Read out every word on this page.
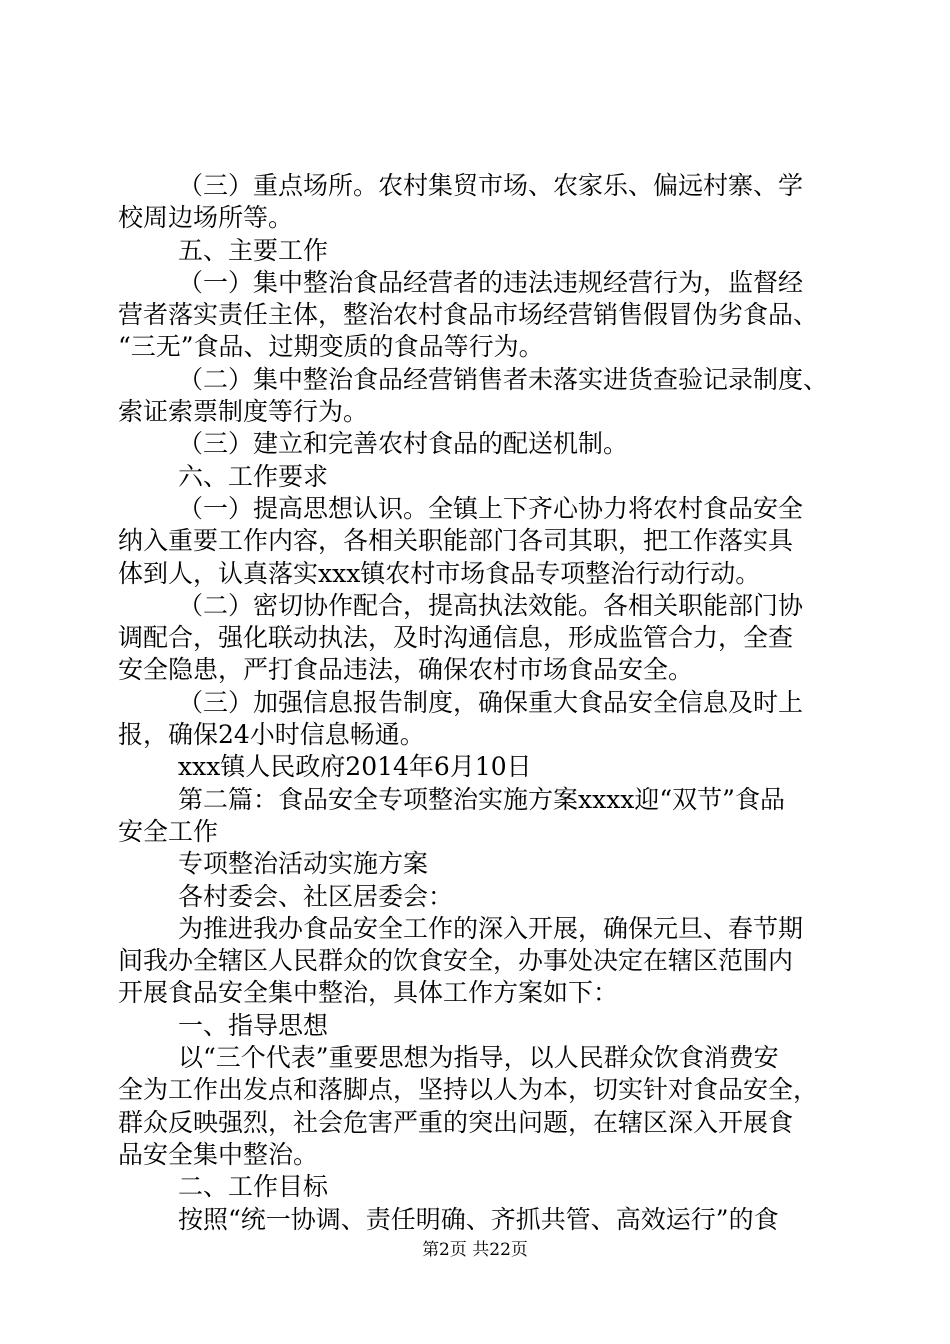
（三）重点场所。农村集贸市场、农家乐、偏远村寨、学
校周边场所等。
五、主要工作
（一）集中整治食品经营者的违法违规经营行为，监督经
营者落实责任主体，整治农村食品市场经营销售假冒伪劣食品、
“三无”食品、过期变质的食品等行为。
（二）集中整治食品经营销售者未落实进货查验记录制度、
索证索票制度等行为。
（三）建立和完善农村食品的配送机制。
六、工作要求
（一）提高思想认识。全镇上下齐心协力将农村食品安全
纳入重要工作内容，各相关职能部门各司其职，把工作落实具
体到人，认真落实xxx镇农村市场食品专项整治行动行动。
（二）密切协作配合，提高执法效能。各相关职能部门协
调配合，强化联动执法，及时沟通信息，形成监管合力，全查
安全隐患，严打食品违法，确保农村市场食品安全。
（三）加强信息报告制度，确保重大食品安全信息及时上
报，确保24小时信息畅通。
xxx镇人民政府2014年6月10日
第二篇：食品安全专项整治实施方案xxxx迎“双节”食品
安全工作
专项整治活动实施方案
各村委会、社区居委会：
为推进我办食品安全工作的深入开展，确保元旦、春节期
间我办全辖区人民群众的饮食安全，办事处决定在辖区范围内
开展食品安全集中整治，具体工作方案如下：
一、指导思想
以“三个代表”重要思想为指导，以人民群众饮食消费安
全为工作出发点和落脚点，坚持以人为本，切实针对食品安全，
群众反映强烈，社会危害严重的突出问题，在辖区深入开展食
品安全集中整治。
二、工作目标
按照“统一协调、责任明确、齐抓共管、高效运行”的食
第2页 共22页
